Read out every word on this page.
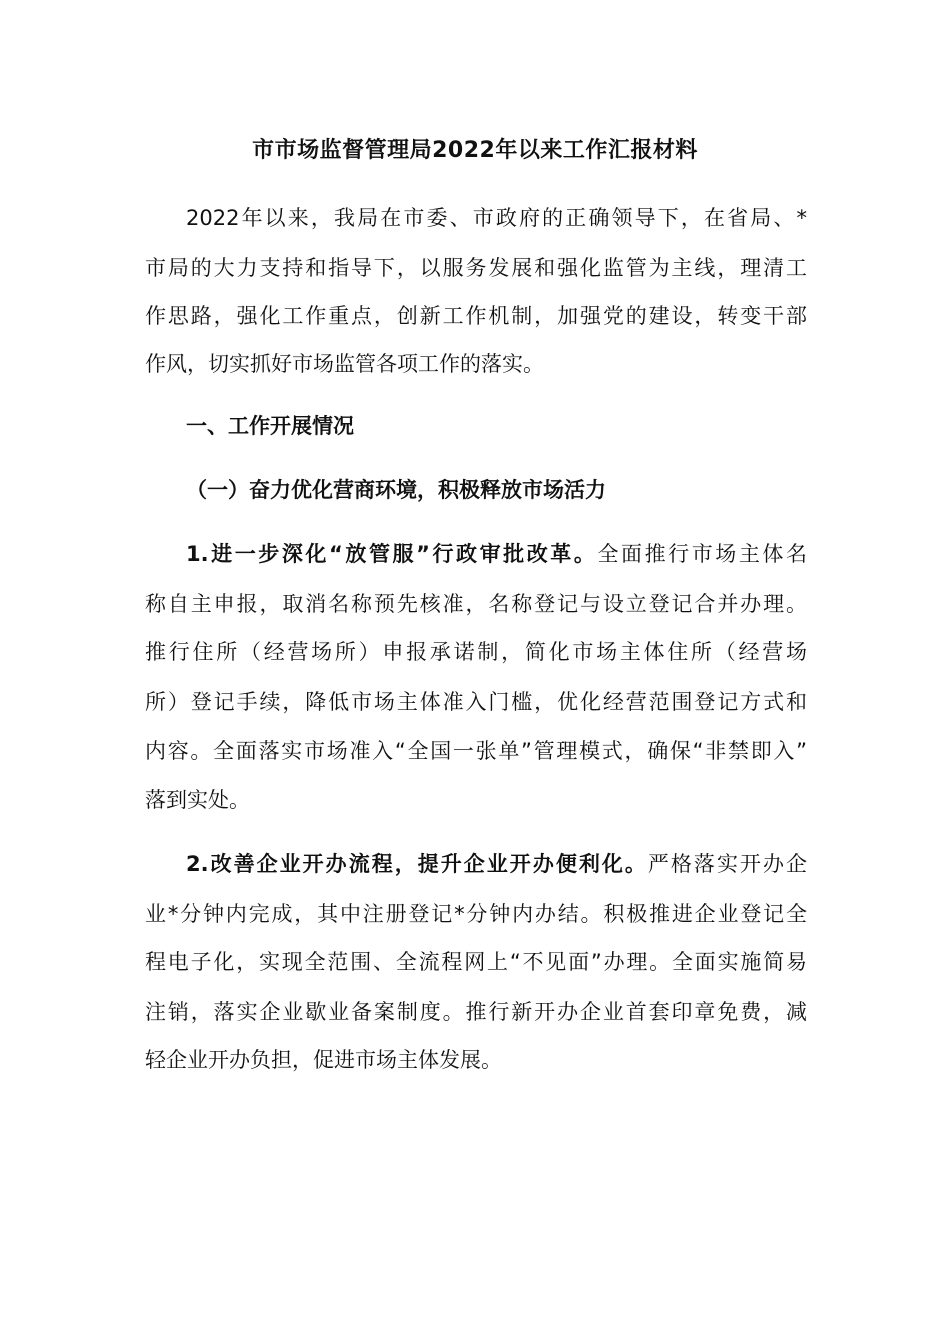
市市场监督管理局2022年以来工作汇报材料

2022年以来，我局在市委、市政府的正确领导下，在省局、*

市局的大力支持和指导下，以服务发展和强化监管为主线，理清工

作思路，强化工作重点，创新工作机制，加强党的建设，转变干部

作风，切实抓好市场监管各项工作的落实。

一、工作开展情况
（一）奋力优化营商环境，积极释放市场活力

1.进一步深化“放管服”行政审批改革。全面推行市场主体名

称自主申报，取消名称预先核准，名称登记与设立登记合并办理。

推行住所（经营场所）申报承诺制，简化市场主体住所（经营场

所）登记手续，降低市场主体准入门槛，优化经营范围登记方式和

内容。全面落实市场准入“全国一张单”管理模式，确保“非禁即入”

落到实处。

2.改善企业开办流程，提升企业开办便利化。严格落实开办企

业*分钟内完成，其中注册登记*分钟内办结。积极推进企业登记全

程电子化，实现全范围、全流程网上“不见面”办理。全面实施简易

注销，落实企业歇业备案制度。推行新开办企业首套印章免费，减

轻企业开办负担，促进市场主体发展。
